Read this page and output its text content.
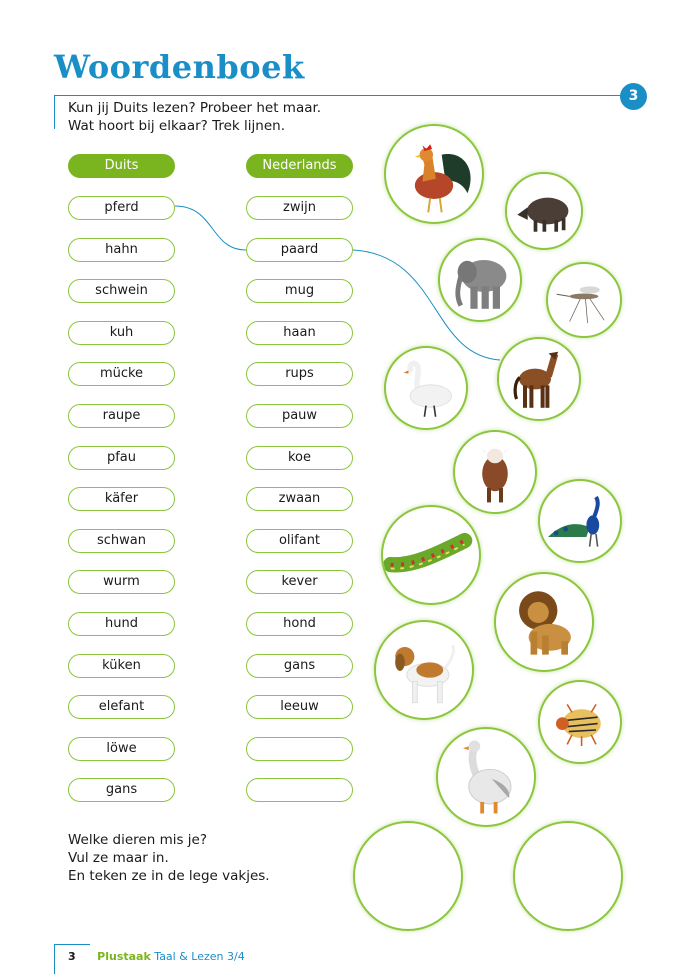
Woordenboek
3
Kun jij Duits lezen? Probeer het maar.
Wat hoort bij elkaar? Trek lijnen.
Duits	Nederlands
pferd
hahn
schwein
kuh
mücke
raupe
pfau
käfer
schwan
wurm
hund
küken
elefant
löwe
gans
zwijn
paard
mug
haan
rups
pauw
koe
zwaan
olifant
kever
hond
gans
leeuw
Welke dieren mis je?
Vul ze maar in.
En teken ze in de lege vakjes.
3 Plustaak Taal & Lezen 3/4
